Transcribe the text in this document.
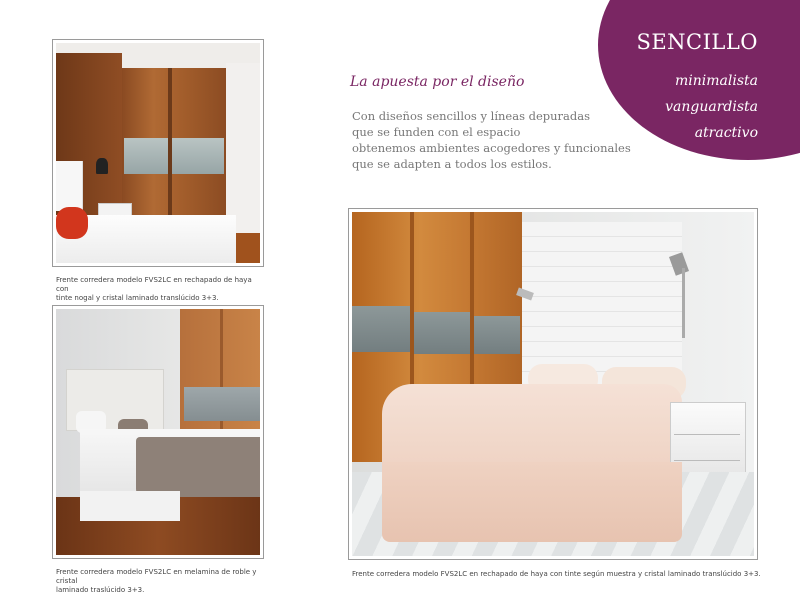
SENCILLO
minimalista
vanguardista
atractivo
La apuesta por el diseño
Con diseños sencillos y líneas depuradas
que se funden con el espacio
obtenemos ambientes acogedores y funcionales
que se adapten a todos los estilos.
Frente corredera modelo FVS2LC en rechapado de haya con
tinte nogal y cristal laminado translúcido 3+3.
Frente corredera modelo FVS2LC en melamina de roble y cristal
laminado traslúcido 3+3.
Frente corredera modelo FVS2LC en rechapado de haya con tinte según muestra y cristal laminado translúcido 3+3.
